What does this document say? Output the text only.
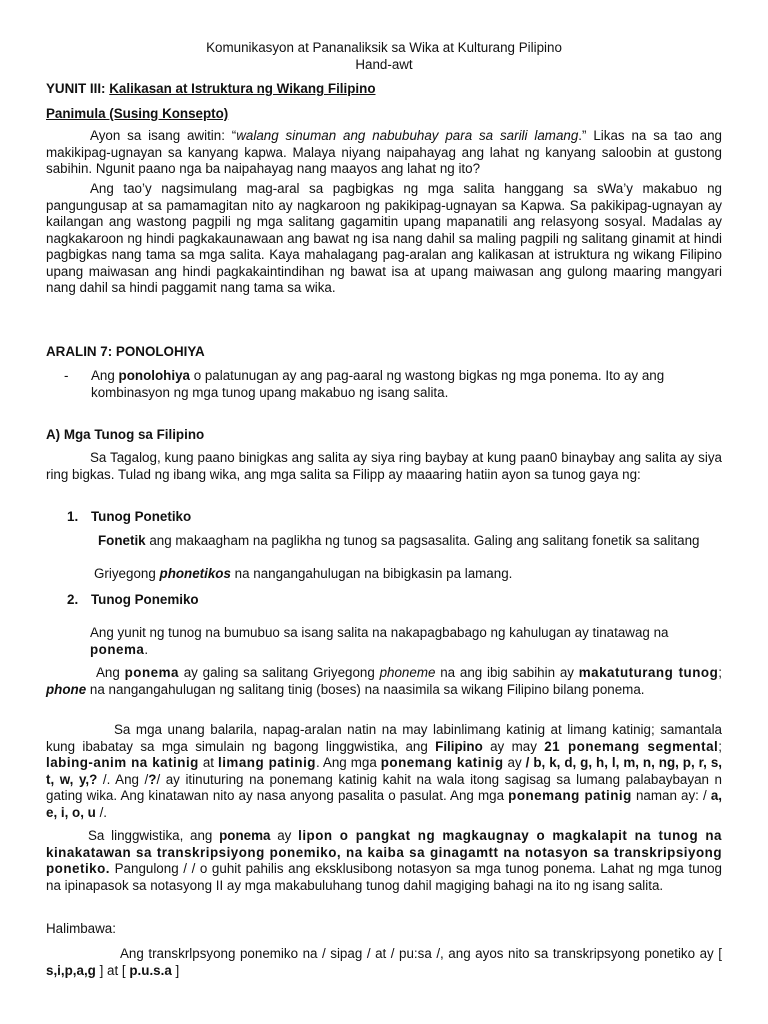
Komunikasyon at Pananaliksik sa Wika at Kulturang Pilipino
Hand-awt
YUNIT III: Kalikasan at Istruktura ng Wikang Filipino
Panimula (Susing Konsepto)
Ayon sa isang awitin: “walang sinuman ang nabubuhay para sa sarili lamang.” Likas na sa tao ang makikipag-ugnayan sa kanyang kapwa. Malaya niyang naipahayag ang lahat ng kanyang saloobin at gustong sabihin. Ngunit paano nga ba naipahayag nang maayos ang lahat ng ito?
Ang tao’y nagsimulang mag-aral sa pagbigkas ng mga salita hanggang sa sWa’y makabuo ng pangungusap at sa pamamagitan nito ay nagkaroon ng pakikipag-ugnayan sa Kapwa. Sa pakikipag-ugnayan ay kailangan ang wastong pagpili ng mga salitang gagamitin upang mapanatili ang relasyong sosyal. Madalas ay nagkakaroon ng hindi pagkakaunawaan ang bawat ng isa nang dahil sa maling pagpili ng salitang ginamit at hindi pagbigkas nang tama sa mga salita. Kaya mahalagang pag-aralan ang kalikasan at istruktura ng wikang Filipino upang maiwasan ang hindi pagkakaintindihan ng bawat isa at upang maiwasan ang gulong maaring mangyari nang dahil sa hindi paggamit nang tama sa wika.
ARALIN 7: PONOLOHIYA
- Ang ponolohiya o palatunugan ay ang pag-aaral ng wastong bigkas ng mga ponema. Ito ay ang kombinasyon ng mga tunog upang makabuo ng isang salita.
A) Mga Tunog sa Filipino
Sa Tagalog, kung paano binigkas ang salita ay siya ring baybay at kung paan0 binaybay ang salita ay siya ring bigkas. Tulad ng ibang wika, ang mga salita sa Filipp ay maaaring hatiin ayon sa tunog gaya ng:
1. Tunog Ponetiko
Fonetik ang makaagham na paglikha ng tunog sa pagsasalita. Galing ang salitang fonetik sa salitang
Griyegong phonetikos na nangangahulugan na bibigkasin pa lamang.
2. Tunog Ponemiko
Ang yunit ng tunog na bumubuo sa isang salita na nakapagbabago ng kahulugan ay tinatawag na ponema.
Ang ponema ay galing sa salitang Griyegong phoneme na ang ibig sabihin ay makatuturang tunog; phone na nangangahulugan ng salitang tinig (boses) na naasimila sa wikang Filipino bilang ponema.
Sa mga unang balarila, napag-aralan natin na may labinlimang katinig at limang katinig; samantala kung ibabatay sa mga simulain ng bagong linggwistika, ang Filipino ay may 21 ponemang segmental; labing-anim na katinig at limang patinig. Ang mga ponemang katinig ay / b, k, d, g, h, l, m, n, ng, p, r, s, t, w, y,? /. Ang /?/ ay itinuturing na ponemang katinig kahit na wala itong sagisag sa lumang palabaybayan n gating wika. Ang kinatawan nito ay nasa anyong pasalita o pasulat. Ang mga ponemang patinig naman ay: / a, e, i, o, u /.
Sa linggwistika, ang ponema ay lipon o pangkat ng magkaugnay o magkalapit na tunog na kinakatawan sa transkripsiyong ponemiko, na kaiba sa ginagamtt na notasyon sa transkripsiyong ponetiko. Pangulong / / o guhit pahilis ang eksklusibong notasyon sa mga tunog ponema. Lahat ng mga tunog na ipinapasok sa notasyong II ay mga makabuluhang tunog dahil magiging bahagi na ito ng isang salita.
Halimbawa:
Ang transkrlpsyong ponemiko na / sipag / at / pu:sa /, ang ayos nito sa transkripsyong ponetiko ay [ s,i,p,a,g ] at [ p.u.s.a ]
